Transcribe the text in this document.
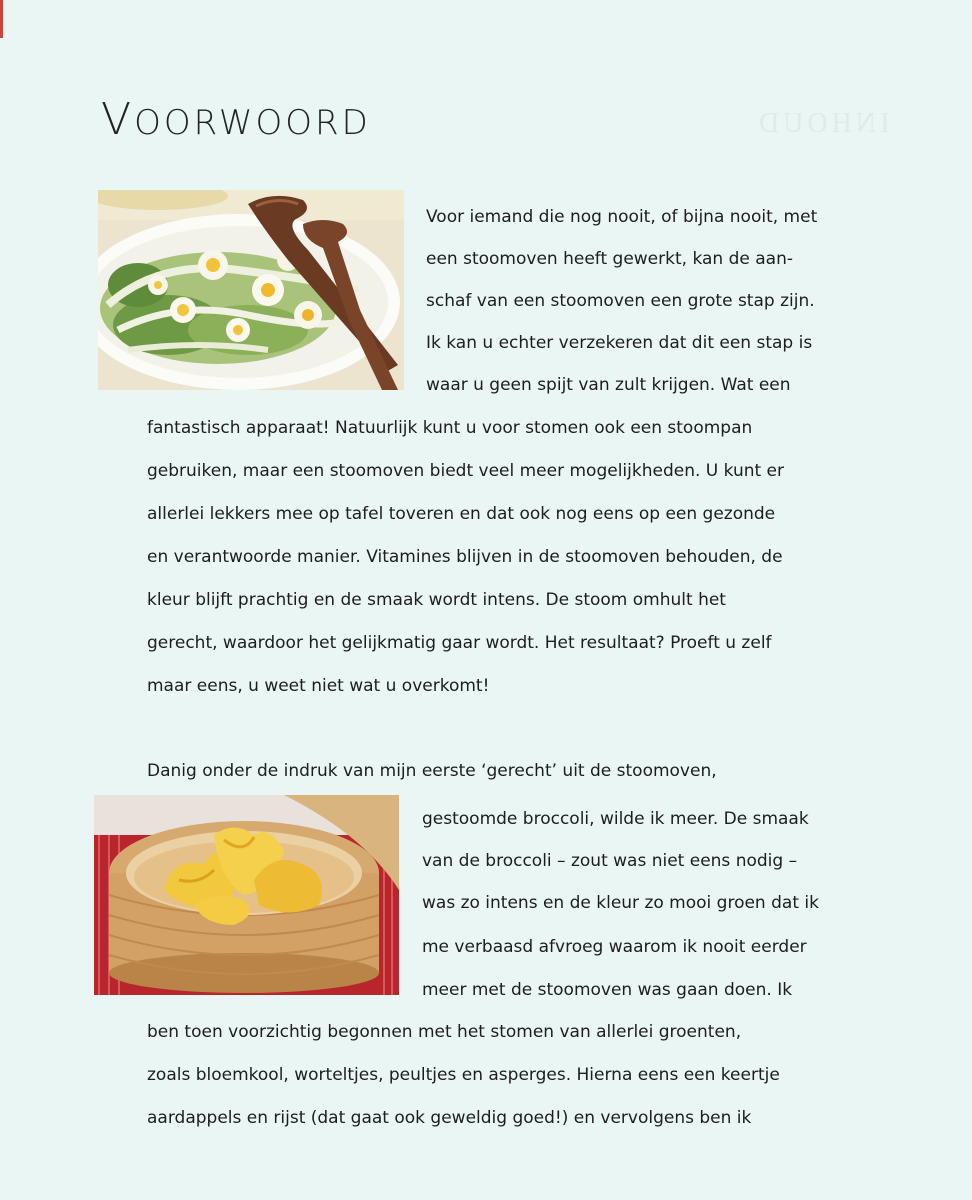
INHOUD
VOORWOORD
Voor iemand die nog nooit, of bijna nooit, met
een stoomoven heeft gewerkt, kan de aan-
schaf van een stoomoven een grote stap zijn.
Ik kan u echter verzekeren dat dit een stap is
waar u geen spijt van zult krijgen. Wat een
fantastisch apparaat! Natuurlijk kunt u voor stomen ook een stoompan
gebruiken, maar een stoomoven biedt veel meer mogelijkheden. U kunt er
allerlei lekkers mee op tafel toveren en dat ook nog eens op een gezonde
en verantwoorde manier. Vitamines blijven in de stoomoven behouden, de
kleur blijft prachtig en de smaak wordt intens. De stoom omhult het
gerecht, waardoor het gelijkmatig gaar wordt. Het resultaat? Proeft u zelf
maar eens, u weet niet wat u overkomt!
Danig onder de indruk van mijn eerste ‘gerecht’ uit de stoomoven,
gestoomde broccoli, wilde ik meer. De smaak
van de broccoli – zout was niet eens nodig –
was zo intens en de kleur zo mooi groen dat ik
me verbaasd afvroeg waarom ik nooit eerder
meer met de stoomoven was gaan doen. Ik
ben toen voorzichtig begonnen met het stomen van allerlei groenten,
zoals bloemkool, worteltjes, peultjes en asperges. Hierna eens een keertje
aardappels en rijst (dat gaat ook geweldig goed!) en vervolgens ben ik
